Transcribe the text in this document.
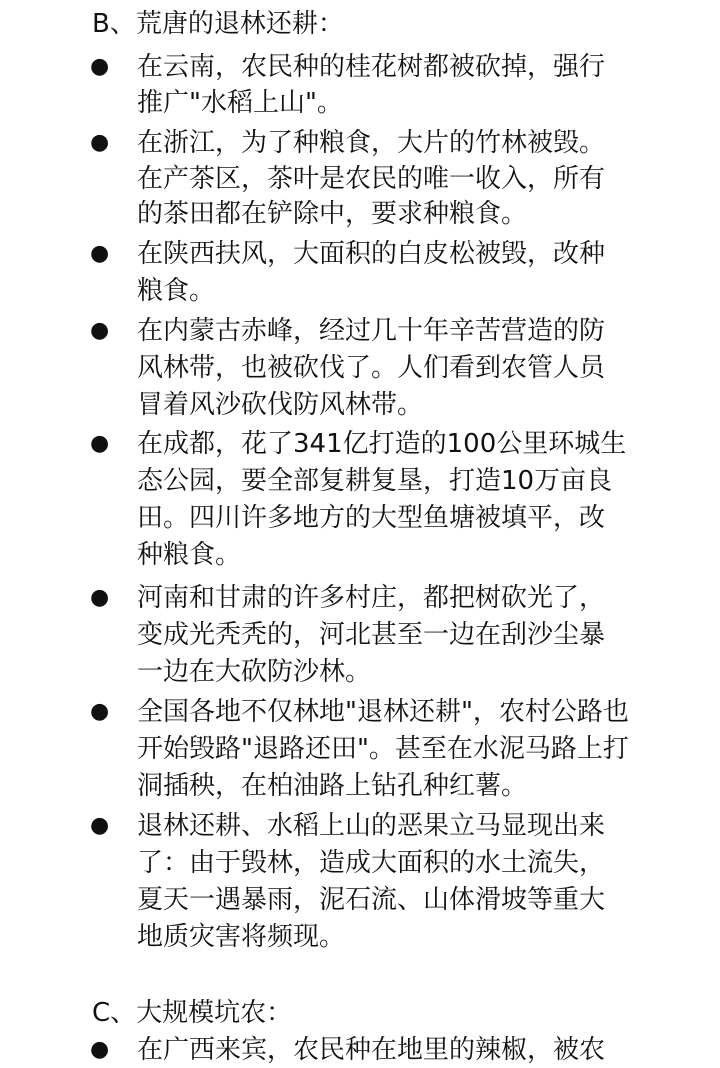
B、荒唐的退林还耕：
● 在云南，农民种的桂花树都被砍掉，强行
推广"水稻上山"。
● 在浙江，为了种粮食，大片的竹林被毁。
在产茶区，茶叶是农民的唯一收入，所有
的茶田都在铲除中，要求种粮食。
● 在陕西扶风，大面积的白皮松被毁，改种
粮食。
● 在内蒙古赤峰，经过几十年辛苦营造的防
风林带，也被砍伐了。人们看到农管人员
冒着风沙砍伐防风林带。
● 在成都，花了341亿打造的100公里环城生
态公园，要全部复耕复垦，打造10万亩良
田。四川许多地方的大型鱼塘被填平，改
种粮食。
● 河南和甘肃的许多村庄，都把树砍光了，
变成光秃秃的，河北甚至一边在刮沙尘暴
一边在大砍防沙林。
● 全国各地不仅林地"退林还耕"，农村公路也
开始毁路"退路还田"。甚至在水泥马路上打
洞插秧，在柏油路上钻孔种红薯。
● 退林还耕、水稻上山的恶果立马显现出来
了：由于毁林，造成大面积的水土流失，
夏天一遇暴雨，泥石流、山体滑坡等重大
地质灾害将频现。
C、大规模坑农：
● 在广西来宾，农民种在地里的辣椒，被农
